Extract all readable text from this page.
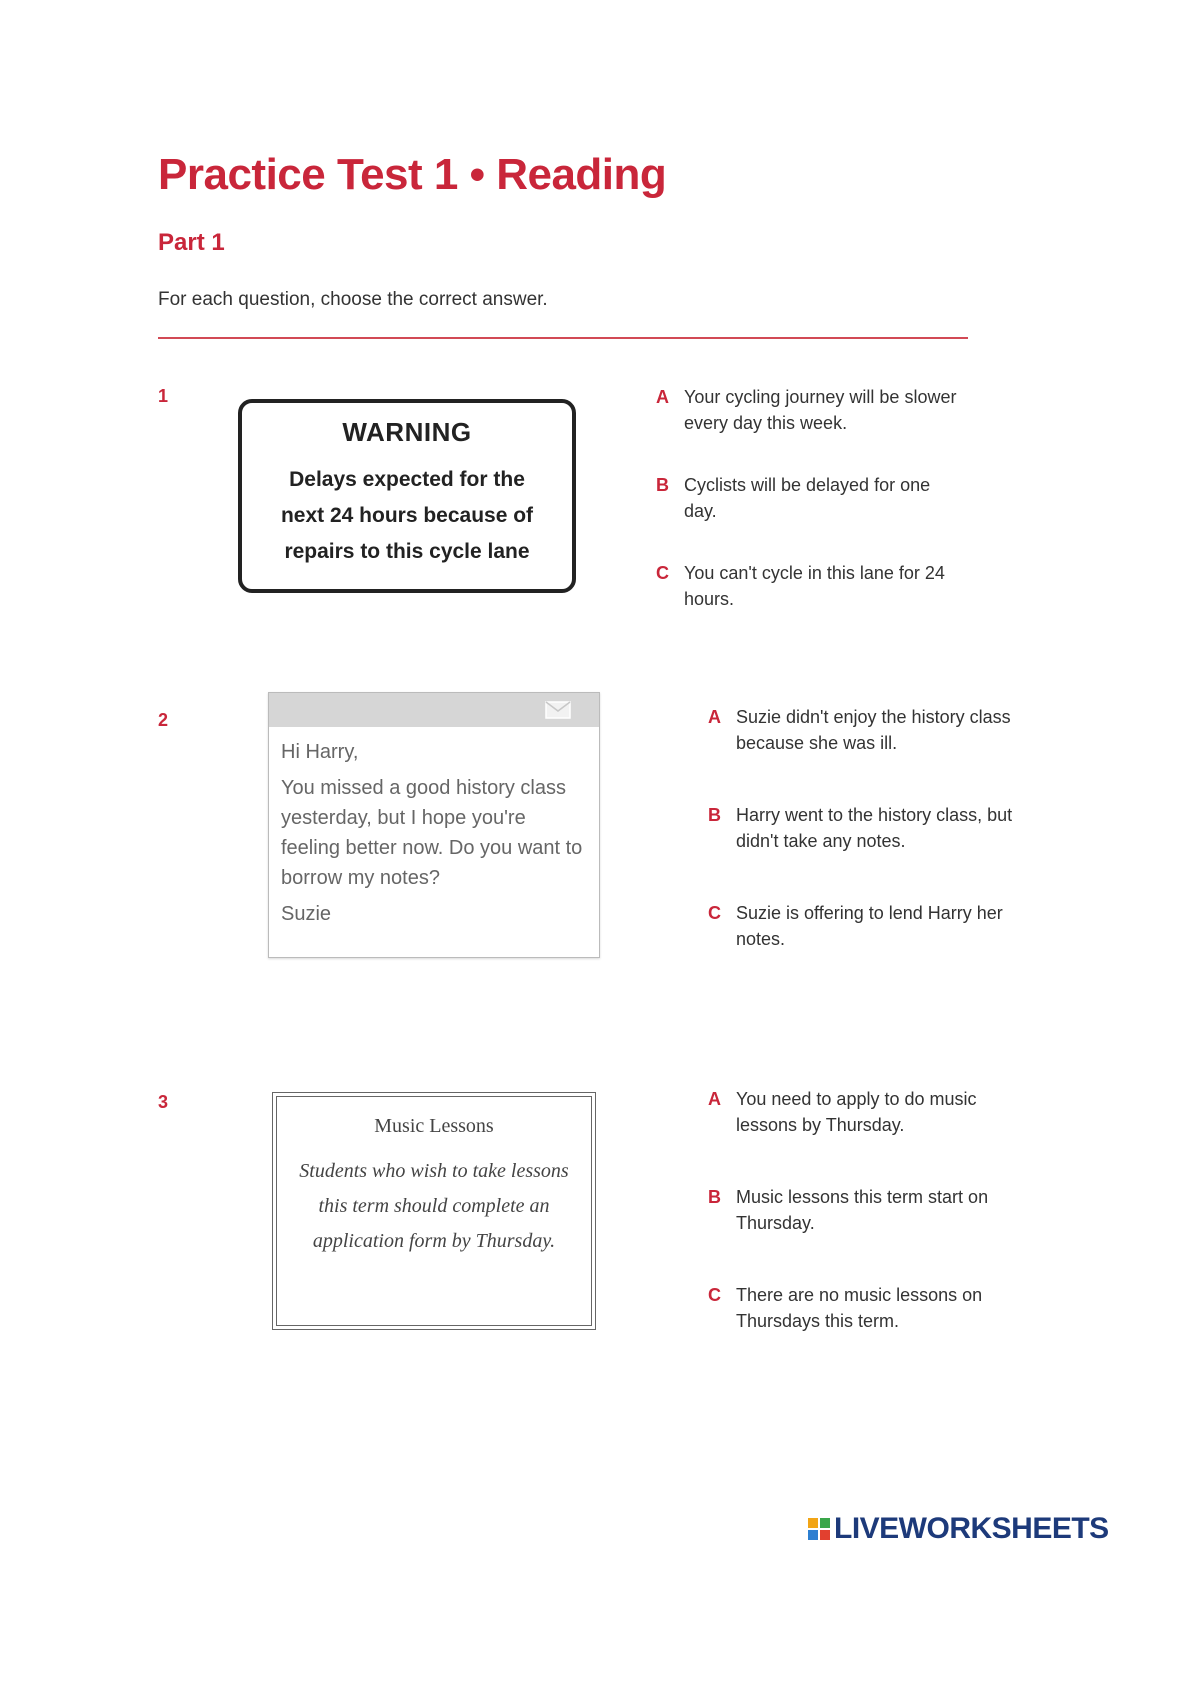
Practice Test 1 • Reading
Part 1
For each question, choose the correct answer.
1
WARNING
Delays expected for the
next 24 hours because of
repairs to this cycle lane
A Your cycling journey will be slower every day this week.
B Cyclists will be delayed for one day.
C You can't cycle in this lane for 24 hours.
2

Hi Harry,

You missed a good history class yesterday, but I hope you're feeling better now. Do you want to borrow my notes?

Suzie

A Suzie didn't enjoy the history class because she was ill.
B Harry went to the history class, but didn't take any notes.
C Suzie is offering to lend Harry her notes.
3
Music Lessons
Students who wish to take lessons this term should complete an application form by Thursday.
A You need to apply to do music lessons by Thursday.
B Music lessons this term start on Thursday.
C There are no music lessons on Thursdays this term.
LIVEWORKSHEETS
